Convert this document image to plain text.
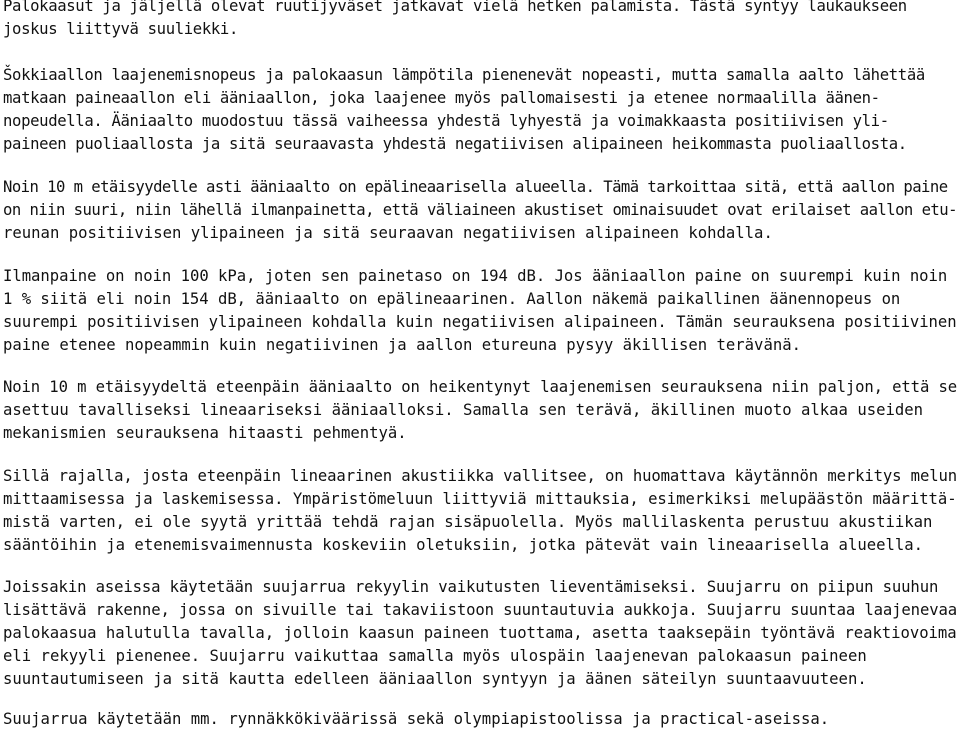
Palokaasut ja jäljellä olevat ruutijyväset jatkavat vielä hetken palamista. Tästä syntyy laukaukseen
joskus liittyvä suuliekki.
Šokkiaallon laajenemisnopeus ja palokaasun lämpötila pienenevät nopeasti, mutta samalla aalto lähettää
matkaan paineaallon eli ääniaallon, joka laajenee myös pallomaisesti ja etenee normaalilla äänen-
nopeudella. Ääniaalto muodostuu tässä vaiheessa yhdestä lyhyestä ja voimakkaasta positiivisen yli-
paineen puoliaallosta ja sitä seuraavasta yhdestä negatiivisen alipaineen heikommasta puoliaallosta.
Noin 10 m etäisyydelle asti ääniaalto on epälineaarisella alueella. Tämä tarkoittaa sitä, että aallon paine
on niin suuri, niin lähellä ilmanpainetta, että väliaineen akustiset ominaisuudet ovat erilaiset aallon etu-
reunan positiivisen ylipaineen ja sitä seuraavan negatiivisen alipaineen kohdalla.
Ilmanpaine on noin 100 kPa, joten sen painetaso on 194 dB. Jos ääniaallon paine on suurempi kuin noin
1 % siitä eli noin 154 dB, ääniaalto on epälineaarinen. Aallon näkemä paikallinen äänennopeus on
suurempi positiivisen ylipaineen kohdalla kuin negatiivisen alipaineen. Tämän seurauksena positiivinen
paine etenee nopeammin kuin negatiivinen ja aallon etureuna pysyy äkillisen terävänä.
Noin 10 m etäisyydeltä eteenpäin ääniaalto on heikentynyt laajenemisen seurauksena niin paljon, että se
asettuu tavalliseksi lineaariseksi ääniaalloksi. Samalla sen terävä, äkillinen muoto alkaa useiden
mekanismien seurauksena hitaasti pehmentyä.
Sillä rajalla, josta eteenpäin lineaarinen akustiikka vallitsee, on huomattava käytännön merkitys melun
mittaamisessa ja laskemisessa. Ympäristömeluun liittyviä mittauksia, esimerkiksi melupäästön määrittä-
mistä varten, ei ole syytä yrittää tehdä rajan sisäpuolella. Myös mallilaskenta perustuu akustiikan
sääntöihin ja etenemisvaimennusta koskeviin oletuksiin, jotka pätevät vain lineaarisella alueella.
Joissakin aseissa käytetään suujarrua rekyylin vaikutusten lieventämiseksi. Suujarru on piipun suuhun
lisättävä rakenne, jossa on sivuille tai takaviistoon suuntautuvia aukkoja. Suujarru suuntaa laajenevaa
palokaasua halutulla tavalla, jolloin kaasun paineen tuottama, asetta taaksepäin työntävä reaktiovoima
eli rekyyli pienenee. Suujarru vaikuttaa samalla myös ulospäin laajenevan palokaasun paineen
suuntautumiseen ja sitä kautta edelleen ääniaallon syntyyn ja äänen säteilyn suuntaavuuteen.
Suujarrua käytetään mm. rynnäkkökiväärissä sekä olympiapistoolissa ja practical-aseissa.
